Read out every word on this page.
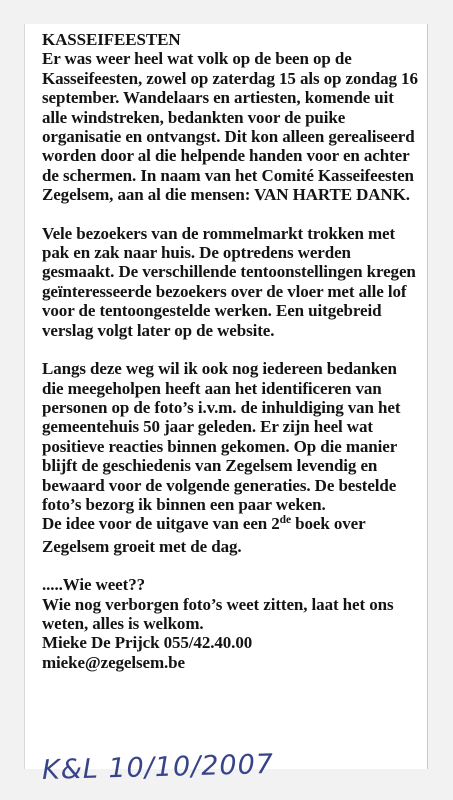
KASSEIFEESTEN

Er was weer heel wat volk op de been op de Kasseifeesten, zowel op zaterdag 15 als op zondag 16 september. Wandelaars en artiesten, komende uit alle windstreken, bedankten voor de puike organisatie en ontvangst. Dit kon alleen gerealiseerd worden door al die helpende handen voor en achter de schermen. In naam van het Comité Kasseifeesten Zegelsem, aan al die mensen: VAN HARTE DANK.

Vele bezoekers van de rommelmarkt trokken met pak en zak naar huis. De optredens werden gesmaakt. De verschillende tentoonstellingen kregen geïnteresseerde bezoekers over de vloer met alle lof voor de tentoongestelde werken. Een uitgebreid verslag volgt later op de website.

Langs deze weg wil ik ook nog iedereen bedanken die meegeholpen heeft aan het identificeren van personen op de foto’s i.v.m. de inhuldiging van het gemeentehuis 50 jaar geleden. Er zijn heel wat positieve reacties binnen gekomen. Op die manier blijft de geschiedenis van Zegelsem levendig en bewaard voor de volgende generaties. De bestelde foto’s bezorg ik binnen een paar weken.

De idee voor de uitgave van een 2de boek over Zegelsem groeit met de dag.

.....Wie weet??

Wie nog verborgen foto’s weet zitten, laat het ons weten, alles is welkom.

Mieke De Prijck 055/42.40.00

mieke@zegelsem.be

K&L 10/10/2007
